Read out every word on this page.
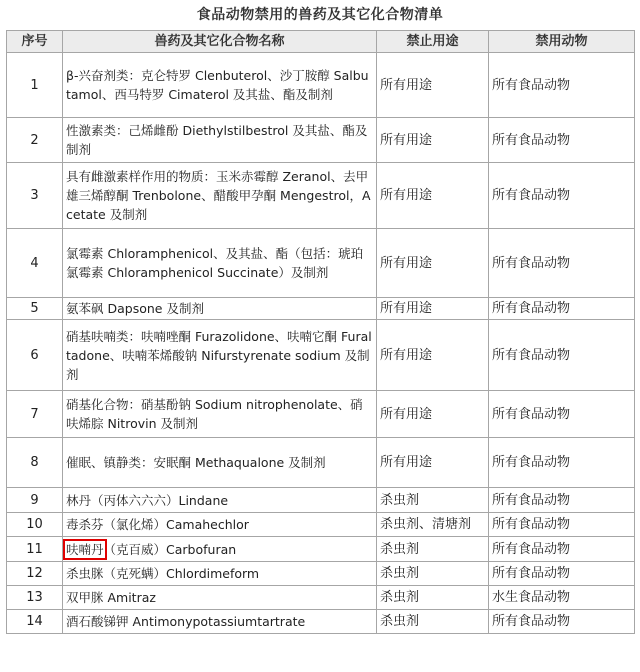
食品动物禁用的兽药及其它化合物清单
序号	兽药及其它化合物名称	禁止用途	禁用动物
1	β-兴奋剂类：克仑特罗 Clenbuterol、沙丁胺醇 Salbutamol、西马特罗 Cimaterol 及其盐、酯及制剂	所有用途	所有食品动物
2	性激素类：己烯雌酚 Diethylstilbestrol 及其盐、酯及制剂	所有用途	所有食品动物
3	具有雌激素样作用的物质：玉米赤霉醇 Zeranol、去甲雄三烯醇酮 Trenbolone、醋酸甲孕酮 Mengestrol，Acetate 及制剂	所有用途	所有食品动物
4	氯霉素 Chloramphenicol、及其盐、酯（包括：琥珀氯霉素 Chloramphenicol Succinate）及制剂	所有用途	所有食品动物
5	氨苯砜 Dapsone 及制剂	所有用途	所有食品动物
6	硝基呋喃类：呋喃唑酮 Furazolidone、呋喃它酮 Furaltadone、呋喃苯烯酸钠 Nifurstyrenate sodium 及制剂	所有用途	所有食品动物
7	硝基化合物：硝基酚钠 Sodium nitrophenolate、硝呋烯腙 Nitrovin 及制剂	所有用途	所有食品动物
8	催眠、镇静类：安眠酮 Methaqualone 及制剂	所有用途	所有食品动物
9	林丹（丙体六六六）Lindane	杀虫剂	所有食品动物
10	毒杀芬（氯化烯）Camahechlor	杀虫剂、清塘剂	所有食品动物
11	呋喃丹（克百威）Carbofuran	杀虫剂	所有食品动物
12	杀虫脒（克死螨）Chlordimeform	杀虫剂	所有食品动物
13	双甲脒 Amitraz	杀虫剂	水生食品动物
14	酒石酸锑钾 Antimonypotassiumtartrate	杀虫剂	所有食品动物
